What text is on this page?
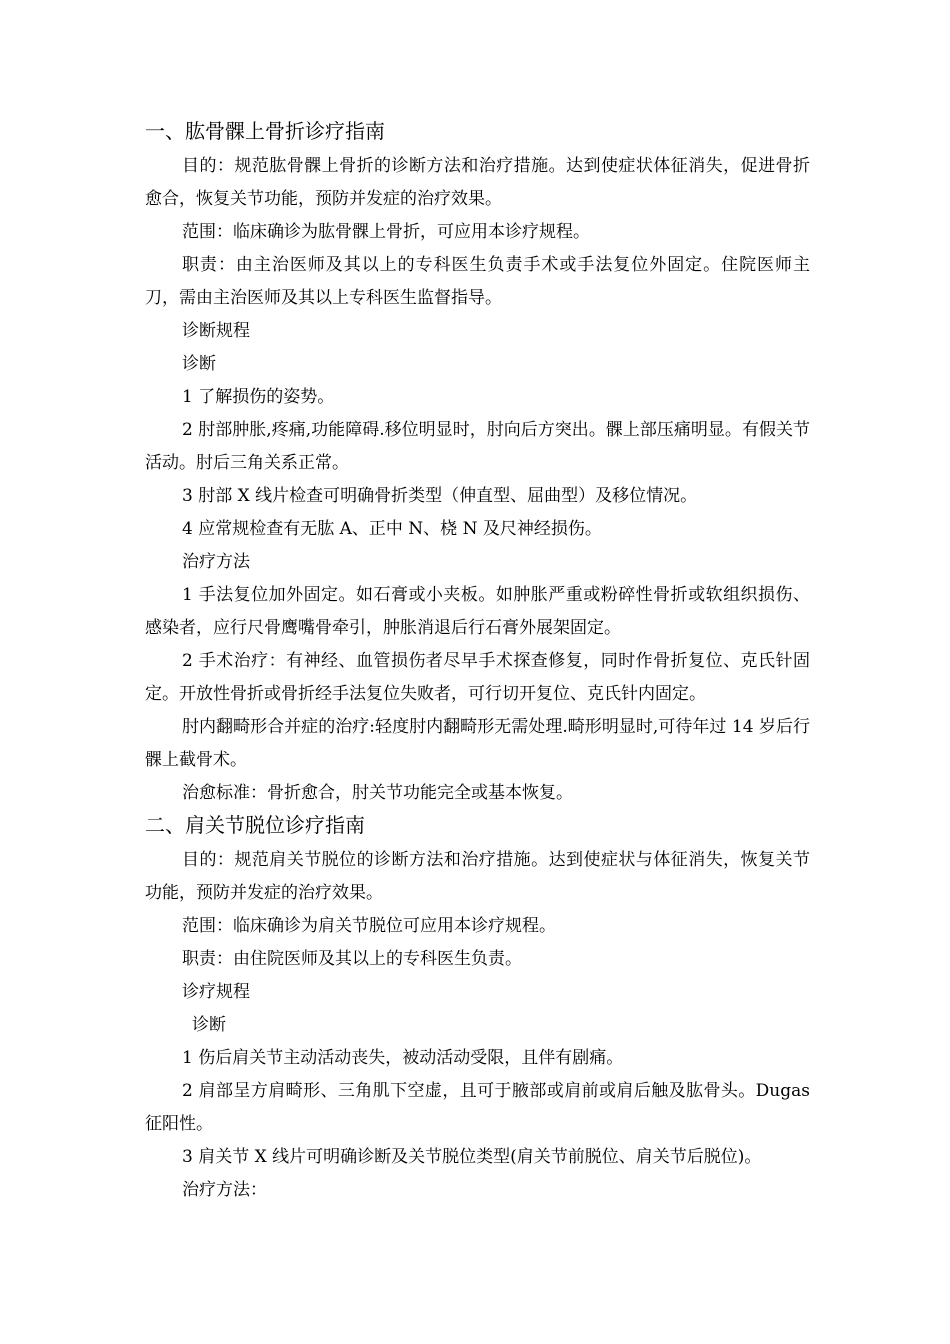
一、肱骨髁上骨折诊疗指南

目的：规范肱骨髁上骨折的诊断方法和治疗措施。达到使症状体征消失，促进骨折愈合，恢复关节功能，预防并发症的治疗效果。

范围：临床确诊为肱骨髁上骨折，可应用本诊疗规程。

职责：由主治医师及其以上的专科医生负责手术或手法复位外固定。住院医师主刀，需由主治医师及其以上专科医生监督指导。

诊断规程

诊断

1 了解损伤的姿势。

2 肘部肿胀,疼痛,功能障碍.移位明显时，肘向后方突出。髁上部压痛明显。有假关节活动。肘后三角关系正常。

3 肘部 X 线片检查可明确骨折类型（伸直型、屈曲型）及移位情况。

4 应常规检查有无肱 A、正中 N、桡 N 及尺神经损伤。

治疗方法

1 手法复位加外固定。如石膏或小夹板。如肿胀严重或粉碎性骨折或软组织损伤、感染者，应行尺骨鹰嘴骨牵引，肿胀消退后行石膏外展架固定。

2 手术治疗：有神经、血管损伤者尽早手术探查修复，同时作骨折复位、克氏针固定。开放性骨折或骨折经手法复位失败者，可行切开复位、克氏针内固定。

肘内翻畸形合并症的治疗:轻度肘内翻畸形无需处理.畸形明显时,可待年过 14 岁后行髁上截骨术。

治愈标准：骨折愈合，肘关节功能完全或基本恢复。

二、肩关节脱位诊疗指南

目的：规范肩关节脱位的诊断方法和治疗措施。达到使症状与体征消失，恢复关节功能，预防并发症的治疗效果。

范围：临床确诊为肩关节脱位可应用本诊疗规程。

职责：由住院医师及其以上的专科医生负责。

诊疗规程

诊断

1 伤后肩关节主动活动丧失，被动活动受限，且伴有剧痛。

2 肩部呈方肩畸形、三角肌下空虚，且可于腋部或肩前或肩后触及肱骨头。Dugas 征阳性。

3 肩关节 X 线片可明确诊断及关节脱位类型(肩关节前脱位、肩关节后脱位)。

治疗方法：
